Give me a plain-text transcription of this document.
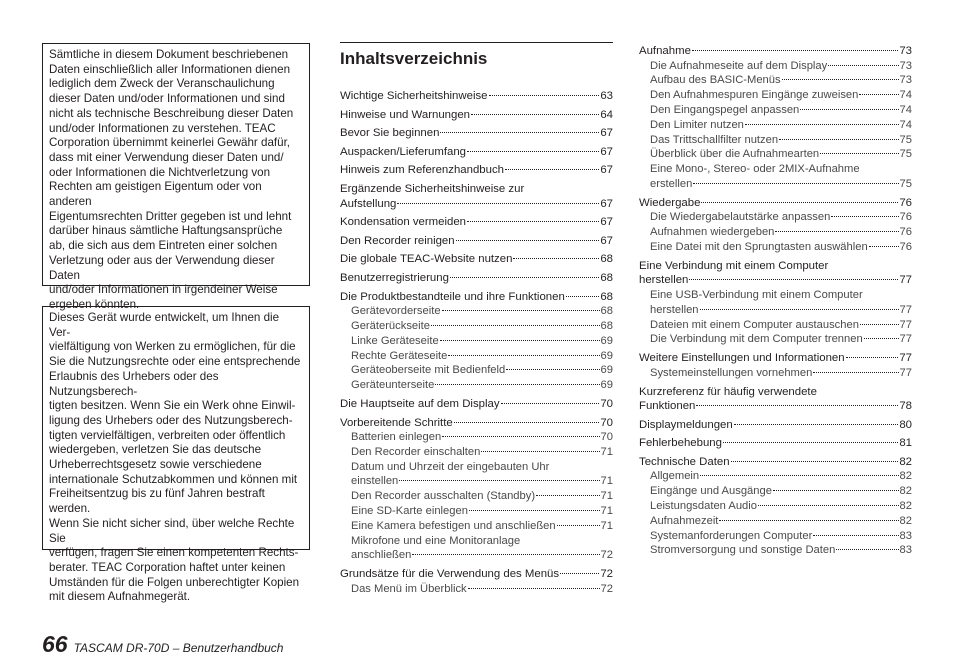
Sämtliche in diesem Dokument beschriebenen

Daten einschließlich aller Informationen dienen

lediglich dem Zweck der Veranschaulichung

dieser Daten und/oder Informationen und sind

nicht als technische Beschreibung dieser Daten

und/oder Informationen zu verstehen. TEAC

Corporation übernimmt keinerlei Gewähr dafür,

dass mit einer Verwendung dieser Daten und/

oder Informationen die Nichtverletzung von

Rechten am geistigen Eigentum oder von anderen

Eigentumsrechten Dritter gegeben ist und lehnt

darüber hinaus sämtliche Haftungsansprüche

ab, die sich aus dem Eintreten einer solchen

Verletzung oder aus der Verwendung dieser Daten

und/oder Informationen in irgendeiner Weise

ergeben könnten.

Dieses Gerät wurde entwickelt, um Ihnen die Ver-

vielfältigung von Werken zu ermöglichen, für die

Sie die Nutzungsrechte oder eine entsprechende

Erlaubnis des Urhebers oder des Nutzungsberech-

tigten besitzen. Wenn Sie ein Werk ohne Einwil-

ligung des Urhebers oder des Nutzungsberech-

tigten vervielfältigen, verbreiten oder öffentlich

wiedergeben, verletzen Sie das deutsche

Urheberrechtsgesetz sowie verschiedene

internationale Schutzabkommen und können mit

Freiheitsentzug bis zu fünf Jahren bestraft werden.

Wenn Sie nicht sicher sind, über welche Rechte Sie

verfügen, fragen Sie einen kompetenten Rechts-

berater. TEAC Corporation haftet unter keinen

Umständen für die Folgen unberechtigter Kopien

mit diesem Aufnahmegerät.

Inhaltsverzeichnis
Wichtige Sicherheitshinweise	63
Hinweise und Warnungen	64
Bevor Sie beginnen	67
Auspacken/Lieferumfang	67
Hinweis zum Referenzhandbuch	67
Ergänzende Sicherheitshinweise zur
Aufstellung	67
Kondensation vermeiden	67
Den Recorder reinigen	67
Die globale TEAC-Website nutzen	68
Benutzerregistrierung	68
Die Produktbestandteile und ihre Funktionen	68
Gerätevorderseite	68
Geräterückseite	68
Linke Geräteseite	69
Rechte Geräteseite	69
Geräteoberseite mit Bedienfeld	69
Geräteunterseite	69
Die Hauptseite auf dem Display	70
Vorbereitende Schritte	70
Batterien einlegen	70
Den Recorder einschalten	71
Datum und Uhrzeit der eingebauten Uhr
einstellen	71
Den Recorder ausschalten (Standby)	71
Eine SD-Karte einlegen	71
Eine Kamera befestigen und anschließen	71
Mikrofone und eine Monitoranlage
anschließen	72
Grundsätze für die Verwendung des Menüs	72
Das Menü im Überblick	72
Aufnahme	73
Die Aufnahmeseite auf dem Display	73
Aufbau des BASIC-Menüs	73
Den Aufnahmespuren Eingänge zuweisen	74
Den Eingangspegel anpassen	74
Den Limiter nutzen	74
Das Trittschallfilter nutzen	75
Überblick über die Aufnahmearten	75
Eine Mono-, Stereo- oder 2MIX-Aufnahme
erstellen	75
Wiedergabe	76
Die Wiedergabelautstärke anpassen	76
Aufnahmen wiedergeben	76
Eine Datei mit den Sprungtasten auswählen	76
Eine Verbindung mit einem Computer
herstellen	77
Eine USB-Verbindung mit einem Computer
herstellen	77
Dateien mit einem Computer austauschen	77
Die Verbindung mit dem Computer trennen	77
Weitere Einstellungen und Informationen	77
Systemeinstellungen vornehmen	77
Kurzreferenz für häufig verwendete
Funktionen	78
Displaymeldungen	80
Fehlerbehebung	81
Technische Daten	82
Allgemein	82
Eingänge und Ausgänge	82
Leistungsdaten Audio	82
Aufnahmezeit	82
Systemanforderungen Computer	83
Stromversorgung und sonstige Daten	83
66 TASCAM DR-70D – Benutzerhandbuch
